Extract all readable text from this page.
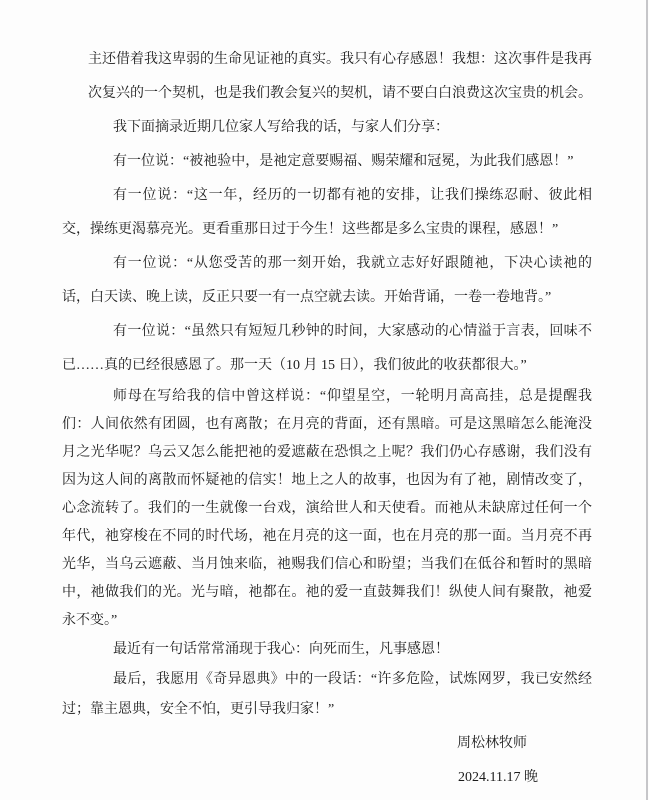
主还借着我这卑弱的生命见证祂的真实。我只有心存感恩！我想：这次事件是我再次复兴的一个契机，也是我们教会复兴的契机，请不要白白浪费这次宝贵的机会。

我下面摘录近期几位家人写给我的话，与家人们分享：

有一位说：“被祂验中，是祂定意要赐福、赐荣耀和冠冕，为此我们感恩！”

有一位说：“这一年，经历的一切都有祂的安排，让我们操练忍耐、彼此相交，操练更渴慕亮光。更看重那日过于今生！这些都是多么宝贵的课程，感恩！”

有一位说：“从您受苦的那一刻开始，我就立志好好跟随祂，下决心读祂的话，白天读、晚上读，反正只要一有一点空就去读。开始背诵，一卷一卷地背。”

有一位说：“虽然只有短短几秒钟的时间，大家感动的心情溢于言表，回味不已……真的已经很感恩了。那一天（10 月 15 日），我们彼此的收获都很大。”

师母在写给我的信中曾这样说：“仰望星空，一轮明月高高挂，总是提醒我们：人间依然有团圆，也有离散；在月亮的背面，还有黑暗。可是这黑暗怎么能淹没月之光华呢？乌云又怎么能把祂的爱遮蔽在恐惧之上呢？我们仍心存感谢，我们没有因为这人间的离散而怀疑祂的信实！地上之人的故事，也因为有了祂，剧情改变了，心念流转了。我们的一生就像一台戏，演给世人和天使看。而祂从未缺席过任何一个年代，祂穿梭在不同的时代场，祂在月亮的这一面，也在月亮的那一面。当月亮不再光华，当乌云遮蔽、当月蚀来临，祂赐我们信心和盼望；当我们在低谷和暂时的黑暗中，祂做我们的光。光与暗，祂都在。祂的爱一直鼓舞我们！纵使人间有聚散，祂爱永不变。”

最近有一句话常常涌现于我心：向死而生，凡事感恩！

最后，我愿用《奇异恩典》中的一段话：“许多危险，试炼网罗，我已安然经过；靠主恩典，安全不怕，更引导我归家！”

周松林牧师

2024.11.17 晚
